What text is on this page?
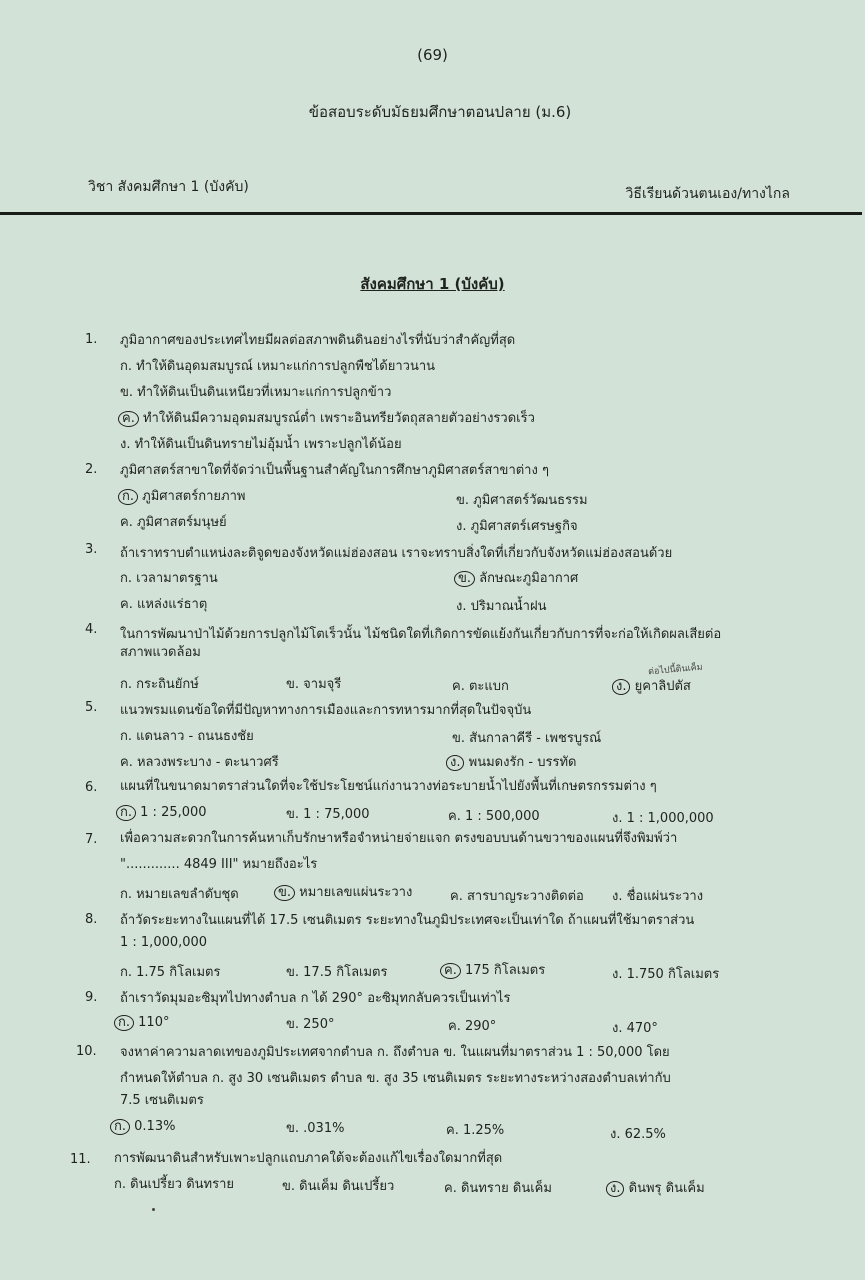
(69)
ข้อสอบระดับมัธยมศึกษาตอนปลาย (ม.6)
วิชา สังคมศึกษา 1 (บังคับ)	วิธีเรียนด้วนตนเอง/ทางไกล
สังคมศึกษา 1 (บังคับ)
1. ภูมิอากาศของประเทศไทยมีผลต่อสภาพดินดินอย่างไรที่นับว่าสำคัญที่สุด
ก. ทำให้ดินอุดมสมบูรณ์ เหมาะแก่การปลูกพืชได้ยาวนาน
ข. ทำให้ดินเป็นดินเหนียวที่เหมาะแก่การปลูกข้าว
ค. ทำให้ดินมีความอุดมสมบูรณ์ต่ำ เพราะอินทรียวัตถุสลายตัวอย่างรวดเร็ว
ง. ทำให้ดินเป็นดินทรายไม่อุ้มน้ำ เพราะปลูกได้น้อย
2. ภูมิศาสตร์สาขาใดที่จัดว่าเป็นพื้นฐานสำคัญในการศึกษาภูมิศาสตร์สาขาต่าง ๆ
ก. ภูมิศาสตร์กายภาพ	ข. ภูมิศาสตร์วัฒนธรรม
ค. ภูมิศาสตร์มนุษย์	ง. ภูมิศาสตร์เศรษฐกิจ
3. ถ้าเราทราบตำแหน่งละติจูดของจังหวัดแม่ฮ่องสอน เราจะทราบสิ่งใดที่เกี่ยวกับจังหวัดแม่ฮ่องสอนด้วย
ก. เวลามาตรฐาน	ข. ลักษณะภูมิอากาศ
ค. แหล่งแร่ธาตุ	ง. ปริมาณน้ำฝน
4. ในการพัฒนาป่าไม้ด้วยการปลูกไม้โตเร็วนั้น ไม้ชนิดใดที่เกิดการขัดแย้งกันเกี่ยวกับการที่จะก่อให้เกิดผลเสียต่อ
สภาพแวดล้อม
ต่อไปนี้ดินเค็ม
ก. กระถินยักษ์	ข. จามจุรี	ค. ตะแบก	ง. ยูคาลิปตัส
5. แนวพรมแดนข้อใดที่มีปัญหาทางการเมืองและการทหารมากที่สุดในปัจจุบัน
ก. แดนลาว - ถนนธงชัย	ข. สันกาลาคีรี - เพชรบูรณ์
ค. หลวงพระบาง - ตะนาวศรี	ง. พนมดงรัก - บรรทัด
6. แผนที่ในขนาดมาตราส่วนใดที่จะใช้ประโยชน์แก่งานวางท่อระบายน้ำไปยังพื้นที่เกษตรกรรมต่าง ๆ
ก. 1 : 25,000	ข. 1 : 75,000	ค. 1 : 500,000	ง. 1 : 1,000,000
7. เพื่อความสะดวกในการค้นหาเก็บรักษาหรือจำหน่ายจ่ายแจก ตรงขอบบนด้านขวาของแผนที่จึงพิมพ์ว่า
"............. 4849 III" หมายถึงอะไร
ก. หมายเลขลำดับชุด	ข. หมายเลขแผ่นระวาง	ค. สารบาญระวางติดต่อ ง. ชื่อแผ่นระวาง
8. ถ้าวัดระยะทางในแผนที่ได้ 17.5 เซนติเมตร ระยะทางในภูมิประเทศจะเป็นเท่าใด ถ้าแผนที่ใช้มาตราส่วน
1 : 1,000,000
ก. 1.75 กิโลเมตร	ข. 17.5 กิโลเมตร	ค. 175 กิโลเมตร	ง. 1.750 กิโลเมตร
9. ถ้าเราวัดมุมอะซิมุทไปทางตำบล ก ได้ 290° อะซิมุทกลับควรเป็นเท่าไร
ก. 110°	ข. 250°	ค. 290°	ง. 470°
10. จงหาค่าความลาดเทของภูมิประเทศจากตำบล ก. ถึงตำบล ข. ในแผนที่มาตราส่วน 1 : 50,000 โดย
กำหนดให้ตำบล ก. สูง 30 เซนติเมตร ตำบล ข. สูง 35 เซนติเมตร ระยะทางระหว่างสองตำบลเท่ากับ
7.5 เซนติเมตร
ก. 0.13%	ข. .031%	ค. 1.25%	ง. 62.5%
11. การพัฒนาดินสำหรับเพาะปลูกแถบภาคใต้จะต้องแก้ไขเรื่องใดมากที่สุด
ก. ดินเปรี้ยว ดินทราย	ข. ดินเค็ม ดินเปรี้ยว	ค. ดินทราย ดินเค็ม	ง. ดินพรุ ดินเค็ม
